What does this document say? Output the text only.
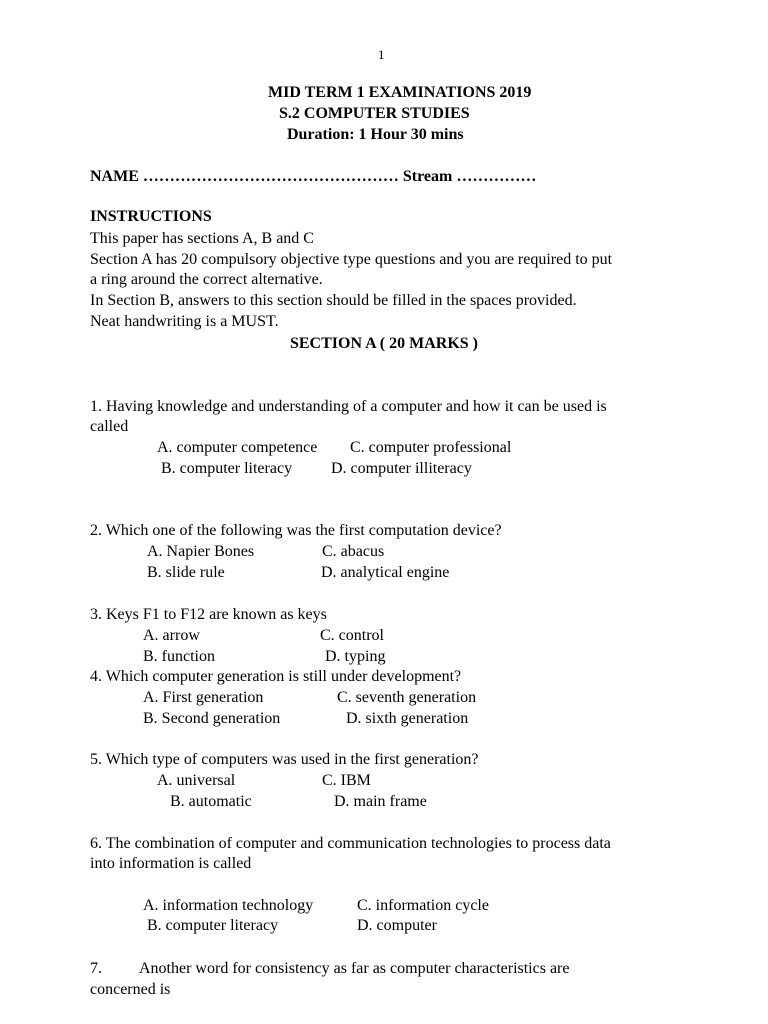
1
MID TERM 1 EXAMINATIONS 2019
S.2 COMPUTER STUDIES
Duration: 1 Hour 30 mins
NAME ………………………………………… Stream ……………
INSTRUCTIONS
This paper has sections A, B and C
Section A has 20 compulsory objective type questions and you are required to put
a ring around the correct alternative.
In Section B, answers to this section should be filled in the spaces provided.
Neat handwriting is a MUST.
SECTION A ( 20 MARKS )
1. Having knowledge and understanding of a computer and how it can be used is
called
A. computer competence C. computer professional
B. computer literacy D. computer illiteracy
2. Which one of the following was the first computation device?
A. Napier Bones	C. abacus
B. slide rule	D. analytical engine
3. Keys F1 to F12 are known as keys
A. arrow	C. control
B. function	D. typing
4. Which computer generation is still under development?
A. First generation	C. seventh generation
B. Second generation	D. sixth generation
5. Which type of computers was used in the first generation?
A. universal	C. IBM
B. automatic	D. main frame
6. The combination of computer and communication technologies to process data
into information is called
A. information technology	C. information cycle
B. computer literacy	D. computer
7. Another word for consistency as far as computer characteristics are
concerned is
